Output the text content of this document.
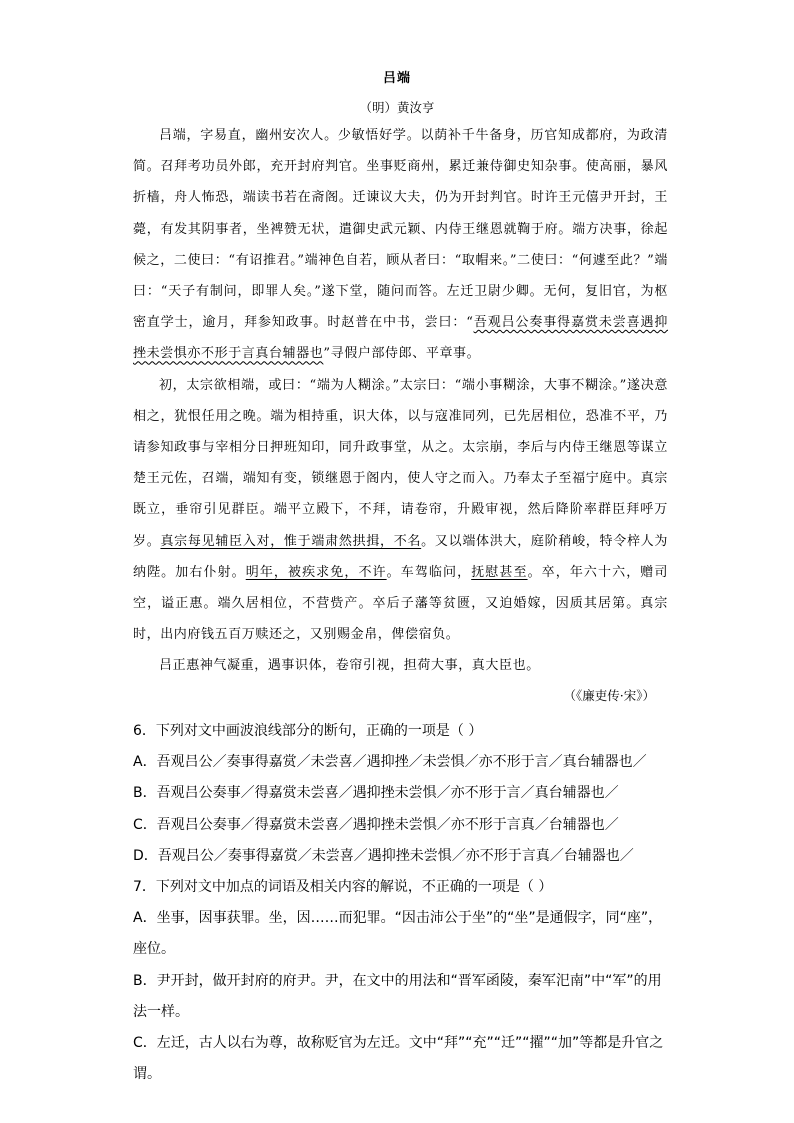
吕端
（明）黄汝亨

吕端，字易直，幽州安次人。少敏悟好学。以荫补千牛备身，历官知成都府，为政清简。召拜考功员外郎，充开封府判官。坐事贬商州，累迁兼侍御史知杂事。使高丽，暴风折樯，舟人怖恐，端读书若在斋阁。迁谏议大夫，仍为开封判官。时许王元僖尹开封，王薨，有发其阴事者，坐裨赞无状，遣御史武元颖、内侍王继恩就鞫于府。端方决事，徐起候之，二使曰：“有诏推君。”端神色自若，顾从者曰：“取帽来。”二使曰：“何遽至此？”端曰：“天子有制问，即罪人矣。”遂下堂，随问而答。左迁卫尉少卿。无何，复旧官，为枢密直学士，逾月，拜参知政事。时赵普在中书，尝曰：“吾观吕公奏事得嘉赏未尝喜遇抑挫未尝惧亦不形于言真台辅器也”寻假户部侍郎、平章事。

初，太宗欲相端，或曰：“端为人糊涂。”太宗曰：“端小事糊涂，大事不糊涂。”遂决意相之，犹恨任用之晚。端为相持重，识大体，以与寇准同列，已先居相位，恐准不平，乃请参知政事与宰相分日押班知印，同升政事堂，从之。太宗崩，李后与内侍王继恩等谋立楚王元佐，召端，端知有变，锁继恩于阁内，使人守之而入。乃奉太子至福宁庭中。真宗既立，垂帘引见群臣。端平立殿下，不拜，请卷帘，升殿审视，然后降阶率群臣拜呼万岁。真宗每见辅臣入对，惟于端肃然拱揖，不名。又以端体洪大，庭阶稍峻，特令梓人为纳陛。加右仆射。明年，被疾求免，不许。车驾临问，抚慰甚至。卒，年六十六，赠司空，谥正惠。端久居相位，不营赀产。卒后子藩等贫匮，又迫婚嫁，因质其居第。真宗时，出内府钱五百万赎还之，又别赐金帛，俾偿宿负。

吕正惠神气凝重，遇事识体，卷帘引视，担荷大事，真大臣也。

（《廉吏传·宋》）
6．下列对文中画波浪线部分的断句，正确的一项是（ ）
A．吾观吕公／奏事得嘉赏／未尝喜／遇抑挫／未尝惧／亦不形于言／真台辅器也／
B．吾观吕公奏事／得嘉赏未尝喜／遇抑挫未尝惧／亦不形于言／真台辅器也／
C．吾观吕公奏事／得嘉赏未尝喜／遇抑挫未尝惧／亦不形于言真／台辅器也／
D．吾观吕公／奏事得嘉赏／未尝喜／遇抑挫未尝惧／亦不形于言真／台辅器也／
7．下列对文中加点的词语及相关内容的解说，不正确的一项是（ ）
A．坐事，因事获罪。坐，因……而犯罪。“因击沛公于坐”的“坐”是通假字，同“座”，座位。
B．尹开封，做开封府的府尹。尹，在文中的用法和“晋军函陵，秦军汜南”中“军”的用法一样。
C．左迁，古人以右为尊，故称贬官为左迁。文中“拜”“充”“迁”“擢”“加”等都是升官之谓。
